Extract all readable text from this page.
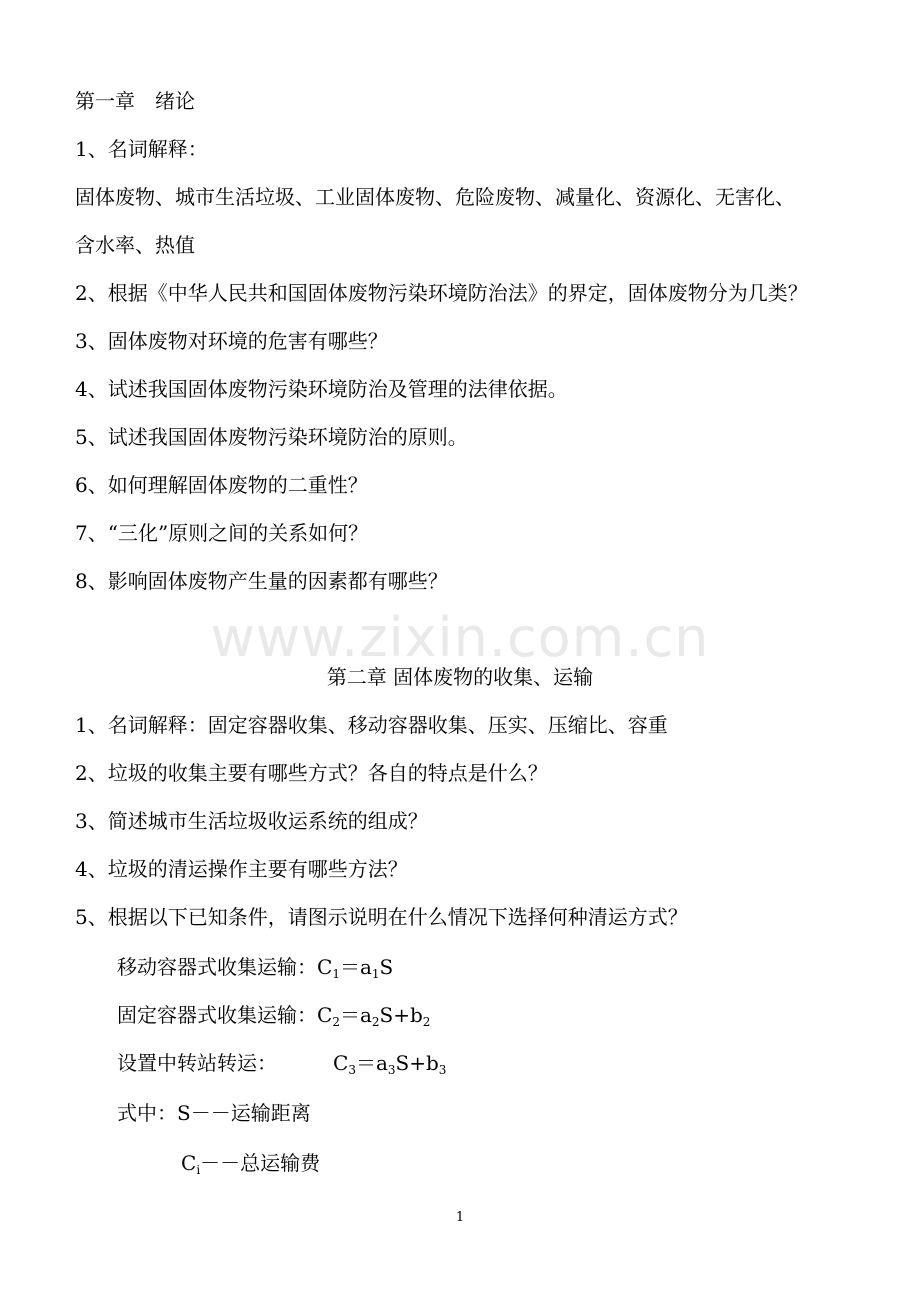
第一章　绪论
1、名词解释：
固体废物、城市生活垃圾、工业固体废物、危险废物、减量化、资源化、无害化、
含水率、热值
2、根据《中华人民共和国固体废物污染环境防治法》的界定，固体废物分为几类？
3、固体废物对环境的危害有哪些？
4、试述我国固体废物污染环境防治及管理的法律依据。
5、试述我国固体废物污染环境防治的原则。
6、如何理解固体废物的二重性？
7、“三化”原则之间的关系如何？
8、影响固体废物产生量的因素都有哪些？
www.zixin.com.cn
第二章 固体废物的收集、运输
1、名词解释：固定容器收集、移动容器收集、压实、压缩比、容重
2、垃圾的收集主要有哪些方式？各自的特点是什么？
3、简述城市生活垃圾收运系统的组成？
4、垃圾的清运操作主要有哪些方法？
5、根据以下已知条件，请图示说明在什么情况下选择何种清运方式？
移动容器式收集运输：$C_1=a_1S$
固定容器式收集运输：$C_2=a_2S+b_2$
设置中转站转运：	$C_3=a_3S+b_3$
式中：S－－运输距离
$C_i--$总运输费
1
